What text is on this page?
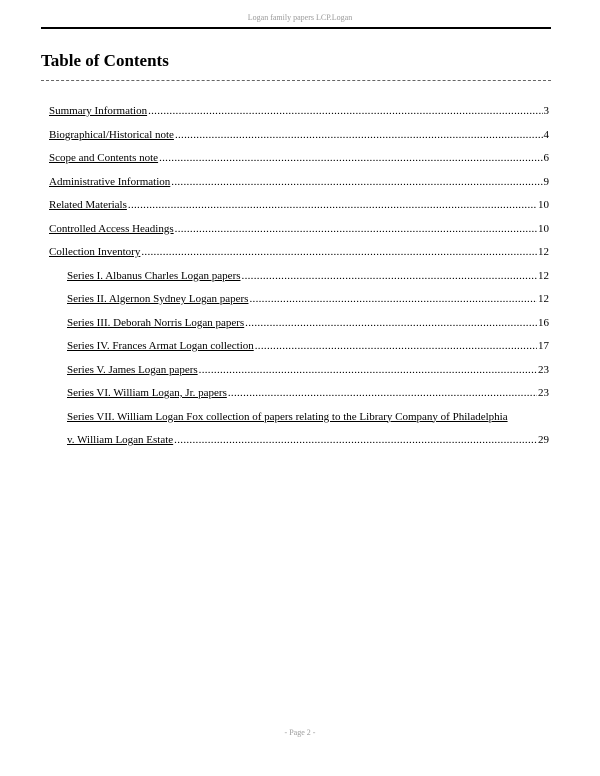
Logan family papers LCP.Logan
Table of Contents
Summary Information .....	3
Biographical/Historical note .....	4
Scope and Contents note .....	6
Administrative Information .....	9
Related Materials .....	10
Controlled Access Headings .....	10
Collection Inventory .....	12
Series I. Albanus Charles Logan papers .....	12
Series II. Algernon Sydney Logan papers .....	12
Series III. Deborah Norris Logan papers .....	16
Series IV. Frances Armat Logan collection .....	17
Series V. James Logan papers .....	23
Series VI. William Logan, Jr. papers .....	23
Series VII. William Logan Fox collection of papers relating to the Library Company of Philadelphia
v. William Logan Estate .....	29
- Page 2 -
